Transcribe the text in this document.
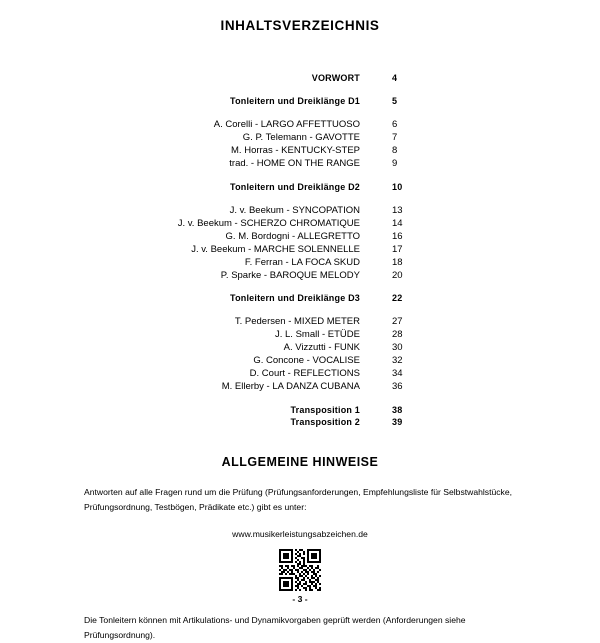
INHALTSVERZEICHNIS
VORWORT	4
Tonleitern und Dreiklänge D1	5
A. Corelli - LARGO AFFETTUOSO	6
G. P. Telemann - GAVOTTE	7
M. Horras - KENTUCKY-STEP	8
trad. - HOME ON THE RANGE	9
Tonleitern und Dreiklänge D2	10
J. v. Beekum - SYNCOPATION	13
J. v. Beekum - SCHERZO CHROMATIQUE	14
G. M. Bordogni - ALLEGRETTO	16
J. v. Beekum - MARCHE SOLENNELLE	17
F. Ferran - LA FOCA SKUD	18
P. Sparke - BAROQUE MELODY	20
Tonleitern und Dreiklänge D3	22
T. Pedersen - MIXED METER	27
J. L. Small - ETÜDE	28
A. Vizzutti - FUNK	30
G. Concone - VOCALISE	32
D. Court - REFLECTIONS	34
M. Ellerby - LA DANZA CUBANA	36
Transposition 1	38
Transposition 2	39
ALLGEMEINE HINWEISE
Antworten auf alle Fragen rund um die Prüfung (Prüfungsanforderungen, Empfehlungsliste für Selbstwahlstücke, Prüfungsordnung, Testbögen, Prädikate etc.) gibt es unter:
www.musikerleistungsabzeichen.de
Die Tonleitern können mit Artikulations- und Dynamikvorgaben geprüft werden (Anforderungen siehe Prüfungsordnung).
- 3 -
